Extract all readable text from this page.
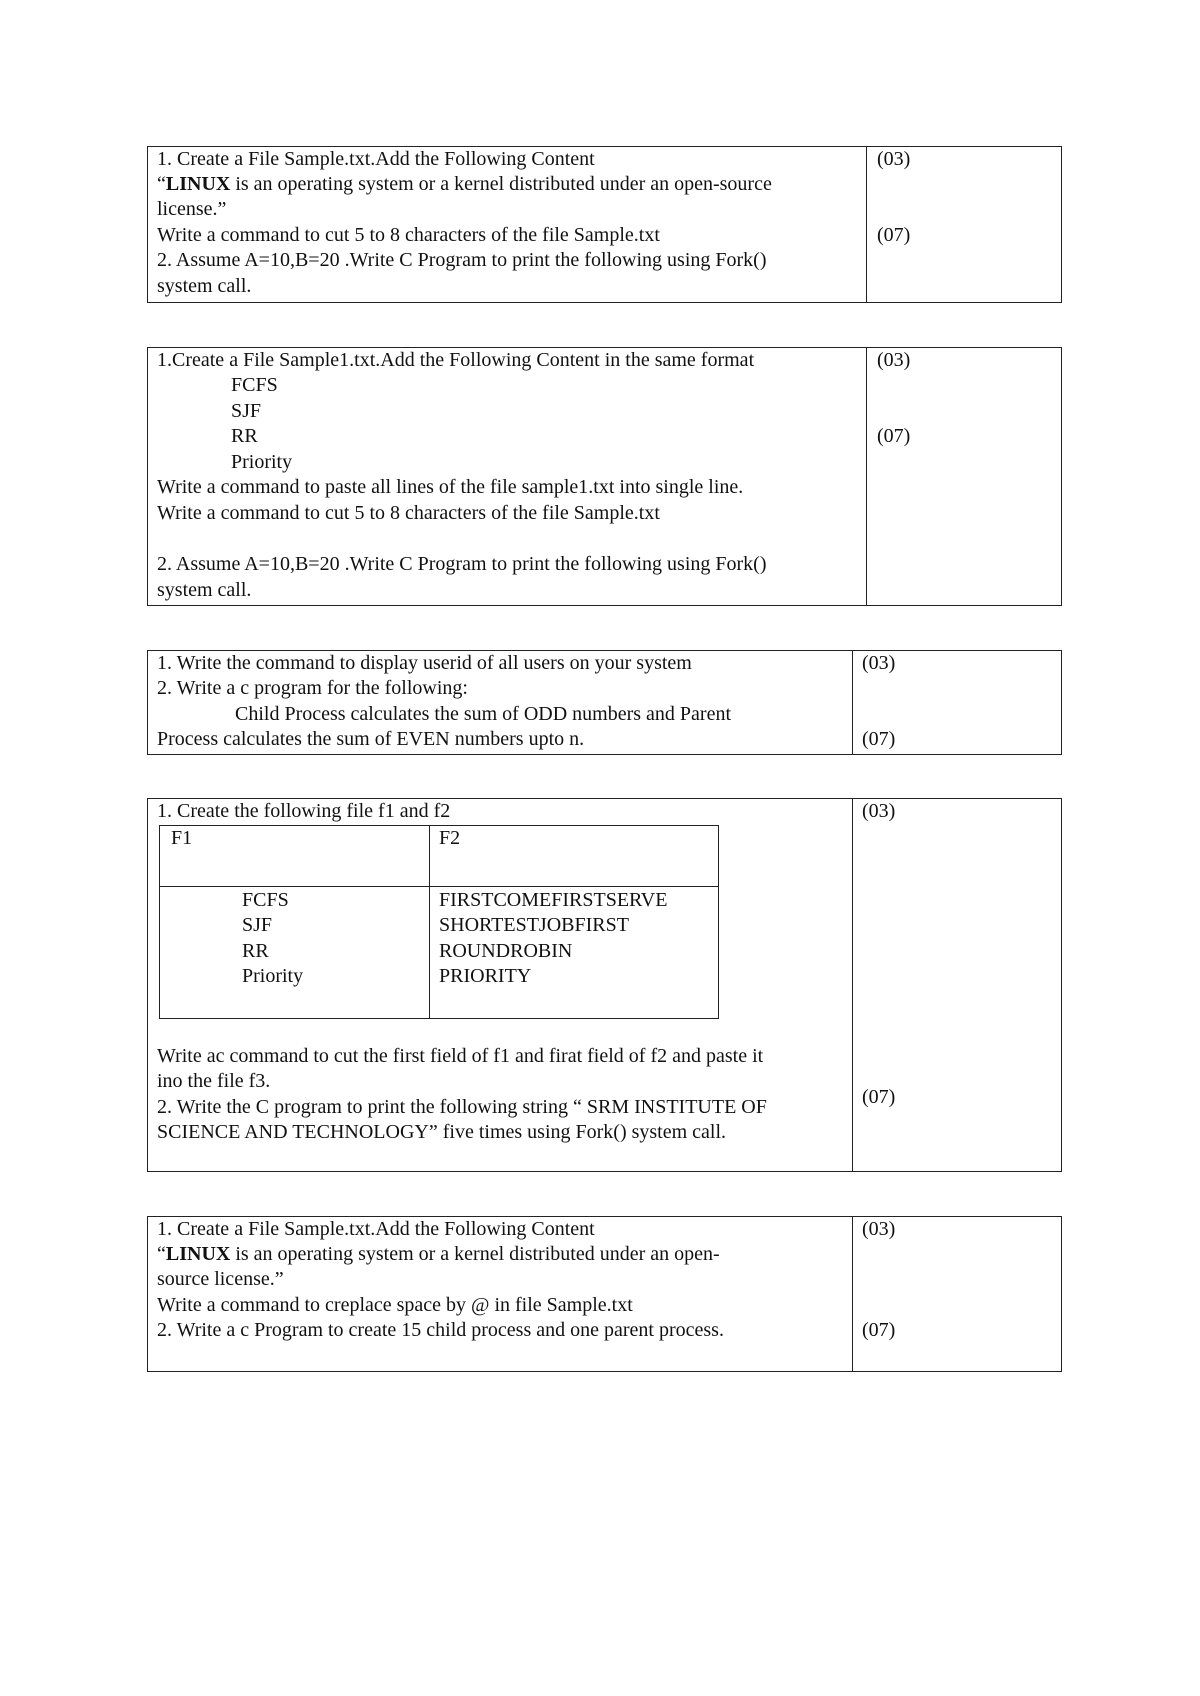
1. Create a File Sample.txt.Add the Following Content
“LINUX is an operating system or a kernel distributed under an open-source
license.”
Write a command to cut 5 to 8 characters of the file Sample.txt
2. Assume A=10,B=20 .Write C Program to print the following using Fork()
system call.
(03)
(07)
1.Create a File Sample1.txt.Add the Following Content in the same format
FCFS
SJF
RR
Priority
Write a command to paste all lines of the file sample1.txt into single line.
Write a command to cut 5 to 8 characters of the file Sample.txt
2. Assume A=10,B=20 .Write C Program to print the following using Fork()
system call.
(03)
(07)
1. Write the command to display userid of all users on your system
2. Write a c program for the following:
Child Process calculates the sum of ODD numbers and Parent
Process calculates the sum of EVEN numbers upto n.
(03)
(07)
1. Create the following file f1 and f2
F1	F2
FCFS
SJF
RR
Priority
FIRSTCOMEFIRSTSERVE
SHORTESTJOBFIRST
ROUNDROBIN
PRIORITY
Write ac command to cut the first field of f1 and firat field of f2 and paste it
ino the file f3.
2. Write the C program to print the following string “ SRM INSTITUTE OF
SCIENCE AND TECHNOLOGY” five times using Fork() system call.
(03)
(07)
1. Create a File Sample.txt.Add the Following Content
“LINUX is an operating system or a kernel distributed under an open-
source license.”
Write a command to creplace space by @ in file Sample.txt
2. Write a c Program to create 15 child process and one parent process.
(03)
(07)
